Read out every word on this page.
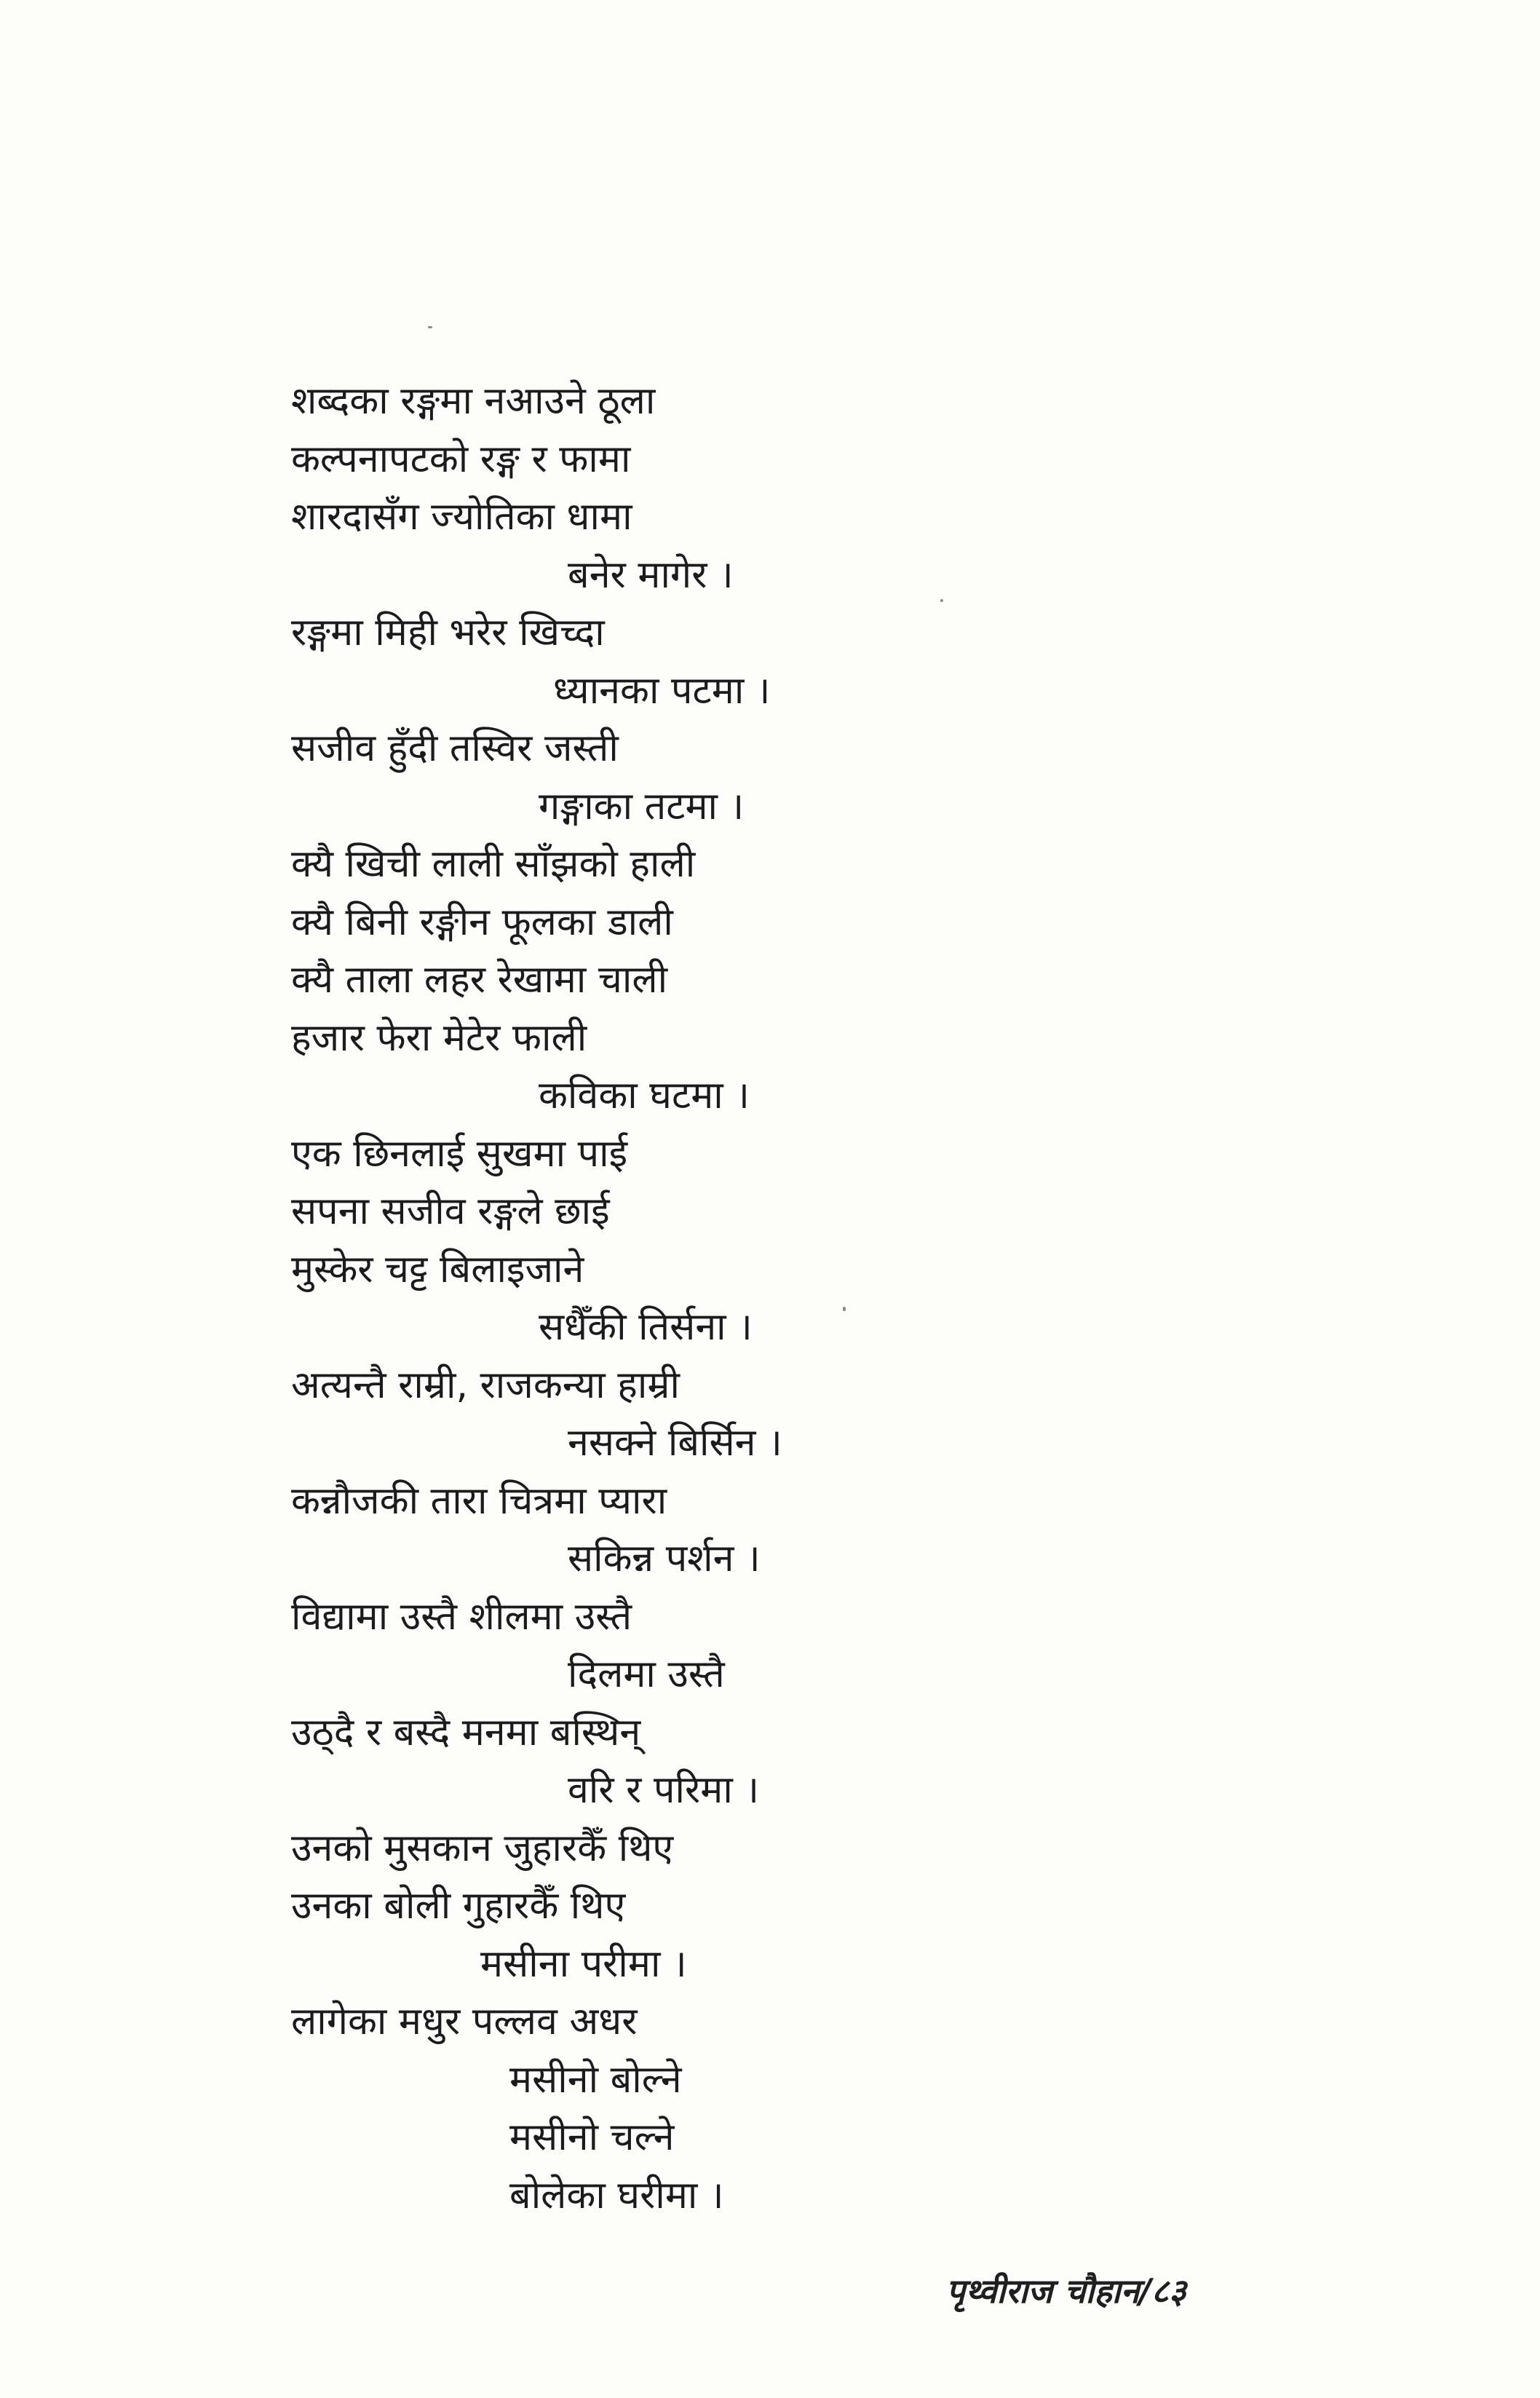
शब्दका रङ्गमा नआउने ठूला
कल्पनापटको रङ्ग र फामा
शारदासँग ज्योतिका धामा
बनेर मागेर ।
रङ्गमा मिही भरेर खिच्दा
ध्यानका पटमा ।
सजीव हुँदी तस्विर जस्ती
गङ्गाका तटमा ।
क्यै खिची लाली साँझको हाली
क्यै बिनी रङ्गीन फूलका डाली
क्यै ताला लहर रेखामा चाली
हजार फेरा मेटेर फाली
कविका घटमा ।
एक छिनलाई सुखमा पाई
सपना सजीव रङ्गले छाई
मुस्केर चट्ट बिलाइजाने
सधैँकी तिर्सना ।
अत्यन्तै राम्री, राजकन्या हाम्री
नसक्ने बिर्सिन ।
कन्नौजकी तारा चित्रमा प्यारा
सकिन्न पर्शन ।
विद्यामा उस्तै शीलमा उस्तै
दिलमा उस्तै
उठ्दै र बस्दै मनमा बस्थिन्
वरि र परिमा ।
उनको मुसकान जुहारकैँ थिए
उनका बोली गुहारकैँ थिए
मसीना परीमा ।
लागेका मधुर पल्लव अधर
मसीनो बोल्ने
मसीनो चल्ने
बोलेका घरीमा ।
पृथ्वीराज चौहान/८३
